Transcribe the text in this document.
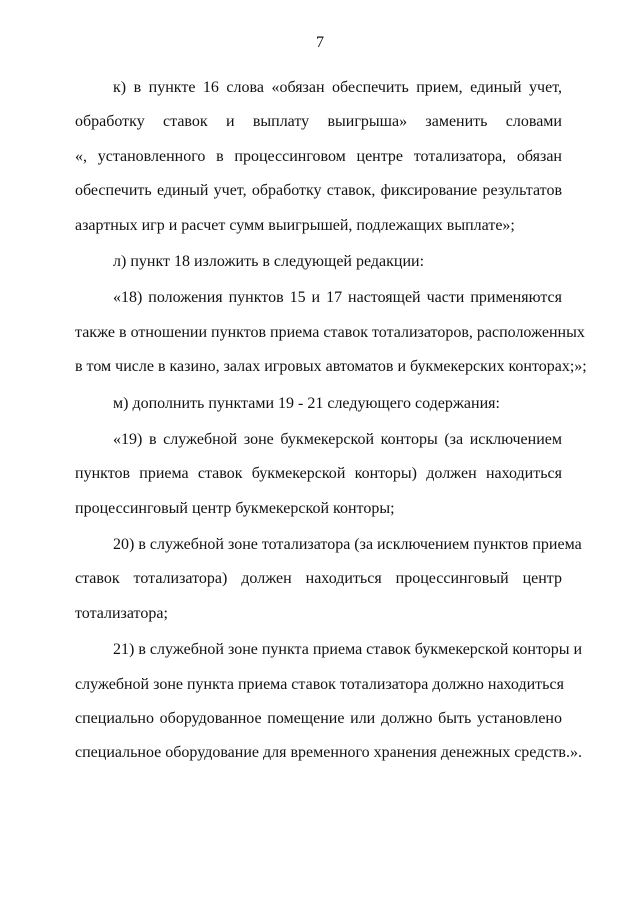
7
к) в пункте 16 слова «обязан обеспечить прием, единый учет,
обработку ставок и выплату выигрыша» заменить словами
«, установленного в процессинговом центре тотализатора, обязан
обеспечить единый учет, обработку ставок, фиксирование результатов
азартных игр и расчет сумм выигрышей, подлежащих выплате»;
л) пункт 18 изложить в следующей редакции:
«18) положения пунктов 15 и 17 настоящей части применяются
также в отношении пунктов приема ставок тотализаторов, расположенных
в том числе в казино, залах игровых автоматов и букмекерских конторах;»;
м) дополнить пунктами 19 - 21 следующего содержания:
«19) в служебной зоне букмекерской конторы (за исключением
пунктов приема ставок букмекерской конторы) должен находиться
процессинговый центр букмекерской конторы;
20) в служебной зоне тотализатора (за исключением пунктов приема
ставок тотализатора) должен находиться процессинговый центр
тотализатора;
21) в служебной зоне пункта приема ставок букмекерской конторы и
служебной зоне пункта приема ставок тотализатора должно находиться
специально оборудованное помещение или должно быть установлено
специальное оборудование для временного хранения денежных средств.».
